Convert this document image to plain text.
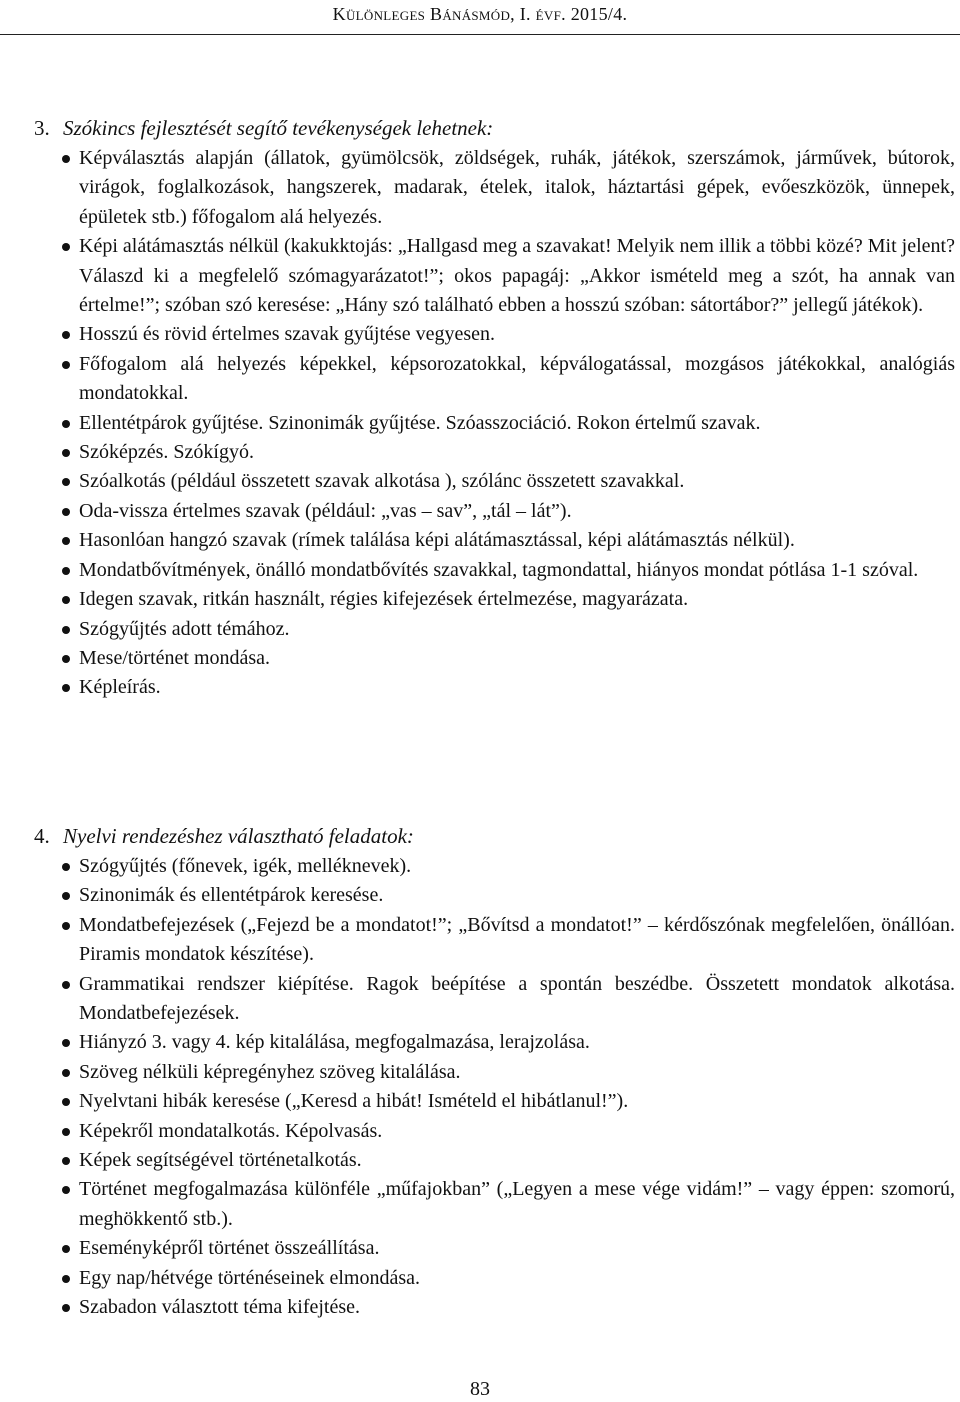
Különleges Bánásmód, I. évf. 2015/4.
3. Szókincs fejlesztését segítő tevékenységek lehetnek:
Képválasztás alapján (állatok, gyümölcsök, zöldségek, ruhák, játékok, szerszámok, járművek, bútorok, virágok, foglalkozások, hangszerek, madarak, ételek, italok, háztartási gépek, evőeszközök, ünnepek, épületek stb.) főfogalom alá helyezés.
Képi alátámasztás nélkül (kakukktojás: „Hallgasd meg a szavakat! Melyik nem illik a többi közé? Mit jelent? Válaszd ki a megfelelő szómagyarázatot!”; okos papagáj: „Akkor ismételd meg a szót, ha annak van értelme!”; szóban szó keresése: „Hány szó található ebben a hosszú szóban: sátortábor?” jellegű játékok).
Hosszú és rövid értelmes szavak gyűjtése vegyesen.
Főfogalom alá helyezés képekkel, képsorozatokkal, képválogatással, mozgásos játékokkal, analógiás mondatokkal.
Ellentétpárok gyűjtése. Szinonimák gyűjtése. Szóasszociáció. Rokon értelmű szavak.
Szóképzés. Szókígyó.
Szóalkotás (például összetett szavak alkotása ), szólánc összetett szavakkal.
Oda-vissza értelmes szavak (például: „vas – sav”, „tál – lát”).
Hasonlóan hangzó szavak (rímek találása képi alátámasztással, képi alátámasztás nélkül).
Mondatbővítmények, önálló mondatbővítés szavakkal, tagmondattal, hiányos mondat pótlása 1-1 szóval.
Idegen szavak, ritkán használt, régies kifejezések értelmezése, magyarázata.
Szógyűjtés adott témához.
Mese/történet mondása.
Képleírás.
4. Nyelvi rendezéshez választható feladatok:
Szógyűjtés (főnevek, igék, melléknevek).
Szinonimák és ellentétpárok keresése.
Mondatbefejezések („Fejezd be a mondatot!”; „Bővítsd a mondatot!” – kérdőszónak megfelelően, önállóan. Piramis mondatok készítése).
Grammatikai rendszer kiépítése. Ragok beépítése a spontán beszédbe. Összetett mondatok alkotása. Mondatbefejezések.
Hiányzó 3. vagy 4. kép kitalálása, megfogalmazása, lerajzolása.
Szöveg nélküli képregényhez szöveg kitalálása.
Nyelvtani hibák keresése („Keresd a hibát! Ismételd el hibátlanul!”).
Képekről mondatalkotás. Képolvasás.
Képek segítségével történetalkotás.
Történet megfogalmazása különféle „műfajokban” („Legyen a mese vége vidám!” – vagy éppen: szomorú, meghökkentő stb.).
Eseményképről történet összeállítása.
Egy nap/hétvége történéseinek elmondása.
Szabadon választott téma kifejtése.
83
